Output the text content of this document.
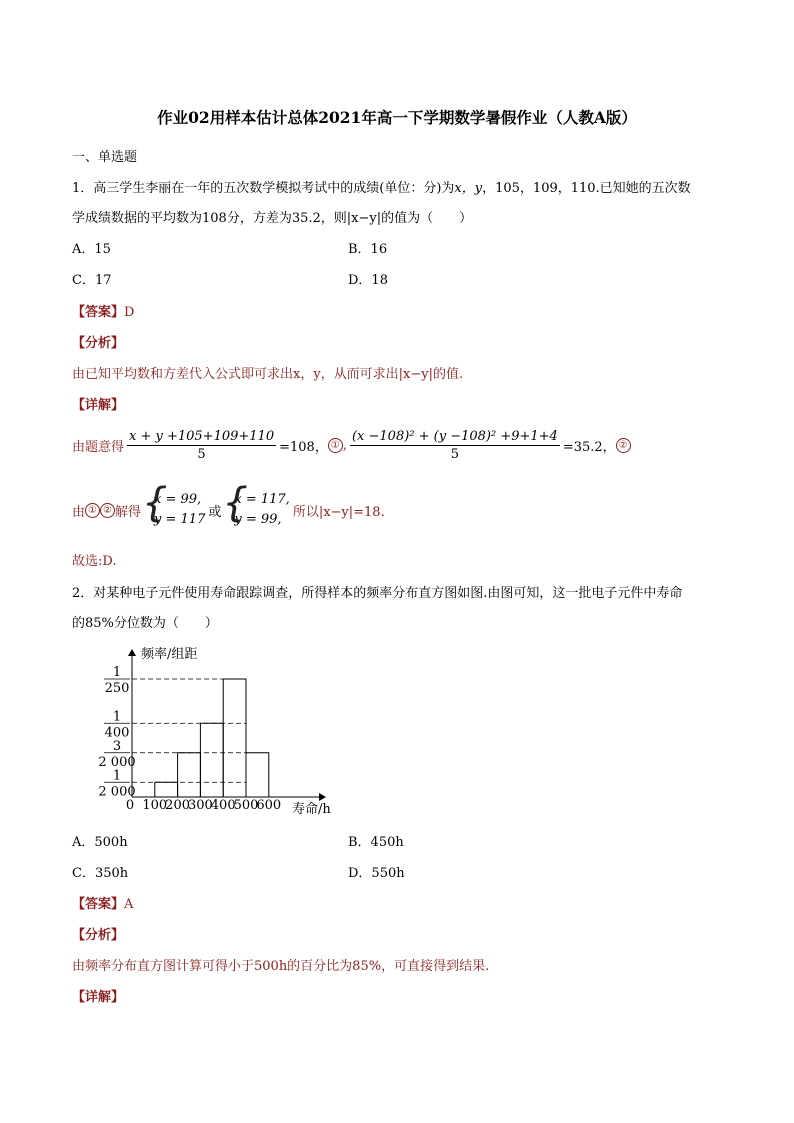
作业02用样本估计总体2021年高一下学期数学暑假作业（人教A版）
一、单选题
1．高三学生李丽在一年的五次数学模拟考试中的成绩(单位：分)为x，y，105，109，110.已知她的五次数
学成绩数据的平均数为108分，方差为35.2，则|x−y|的值为（　　）
A．15	B．16
C．17	D．18
【答案】D
【分析】
由已知平均数和方差代入公式即可求出x，y，从而可求出|x−y|的值.
【详解】
由题意得 $\frac{x + y +105+109+110}{5} =108$， ① , $\frac{\text{(x −108)² + (y −108)² +9+1+4}}{5} =35.2$， ②
由 ① ② 解得 {
x = 99,
y = 117 或 {
x = 117,
y = 99, 所以|x−y|=18.
故选:D.
2．对某种电子元件使用寿命跟踪调查，所得样本的频率分布直方图如图.由图可知，这一批电子元件中寿命
的85%分位数为（　　）
频率/组距
寿命/h
1
2 000
3
2 000
1
400
1
250
0 100
200
300
400
500
600
A．500h	B．450h
C．350h	D．550h
【答案】A
【分析】
由频率分布直方图计算可得小于500h的百分比为85%，可直接得到结果.
【详解】
